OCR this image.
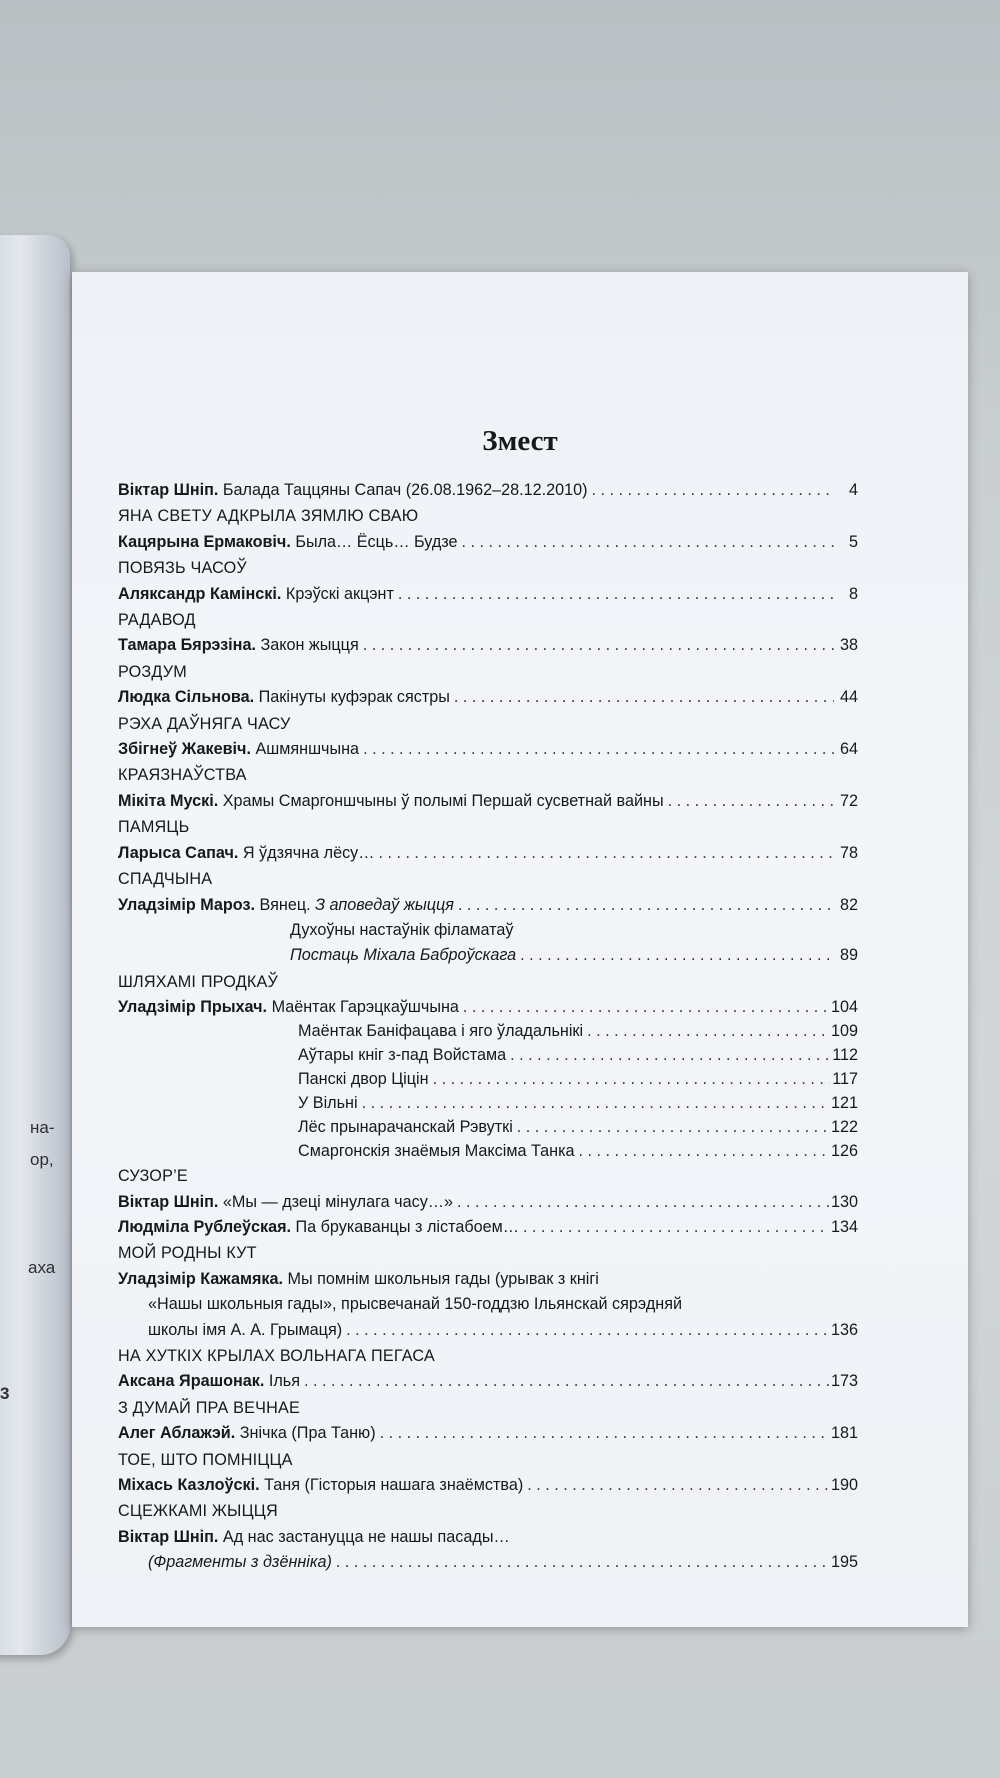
на-
ор,
аха
3
Змест
Віктар Шніп. Балада Таццяны Сапач (26.08.1962–28.12.2010) . . .	4
ЯНА СВЕТУ АДКРЫЛА ЗЯМЛЮ СВАЮ
Кацярына Ермаковіч. Была… Ёсць… Будзе . . .	5
ПОВЯЗЬ ЧАСОЎ
Аляксандр Камінскі. Крэўскі акцэнт . . .	8
РАДАВОД
Тамара Бярэзіна. Закон жыцця . . .	38
РОЗДУМ
Людка Сільнова. Пакінуты куфэрак сястры . . .	44
РЭХА ДАЎНЯГА ЧАСУ
Збігнеў Жакевіч. Ашмяншчына . . .	64
КРАЯЗНАЎСТВА
Мікіта Мускі. Храмы Смаргоншчыны ў полымі Першай сусветнай вайны . . .	72
ПАМЯЦЬ
Ларыса Сапач. Я ўдзячна лёсу… . . .	78
СПАДЧЫНА
Уладзімір Мароз. Вянец. З аповедаў жыцця . . .	82
Духоўны настаўнік філаматаў
Постаць Міхала Баброўскага . . .	89
ШЛЯХАМІ ПРОДКАЎ
Уладзімір Прыхач. Маёнтак Гарэцкаўшчына . . .	104
Маёнтак Баніфацава і яго ўладальнікі . . .	109
Аўтары кніг з-пад Войстама . . .	112
Панскі двор Ціцін . . .	117
У Вільні . . .	121
Лёс прынарачанскай Рэвуткі . . .	122
Смаргонскія знаёмыя Максіма Танка . . .	126
СУЗОР’Е
Віктар Шніп. «Мы — дзеці мінулага часу…» . . .	130
Людміла Рублеўская. Па брукаванцы з лістабоем… . . .	134
МОЙ РОДНЫ КУТ
Уладзімір Кажамяка. Мы помнім школьныя гады (урывак з кнігі
«Нашы школьныя гады», прысвечанай 150-годдзю Ільянскай сярэдняй
школы імя А. А. Грымаця) . . .	136
НА ХУТКІХ КРЫЛАХ ВОЛЬНАГА ПЕГАСА
Аксана Ярашонак. Ілья . . .	173
З ДУМАЙ ПРА ВЕЧНАЕ
Алег Аблажэй. Знічка (Пра Таню) . . .	181
ТОЕ, ШТО ПОМНІЦЦА
Міхась Казлоўскі. Таня (Гісторыя нашага знаёмства) . . .	190
СЦЕЖКАМІ ЖЫЦЦЯ
Віктар Шніп. Ад нас застануцца не нашы пасады…
(Фрагменты з дзённіка) . . .	195
